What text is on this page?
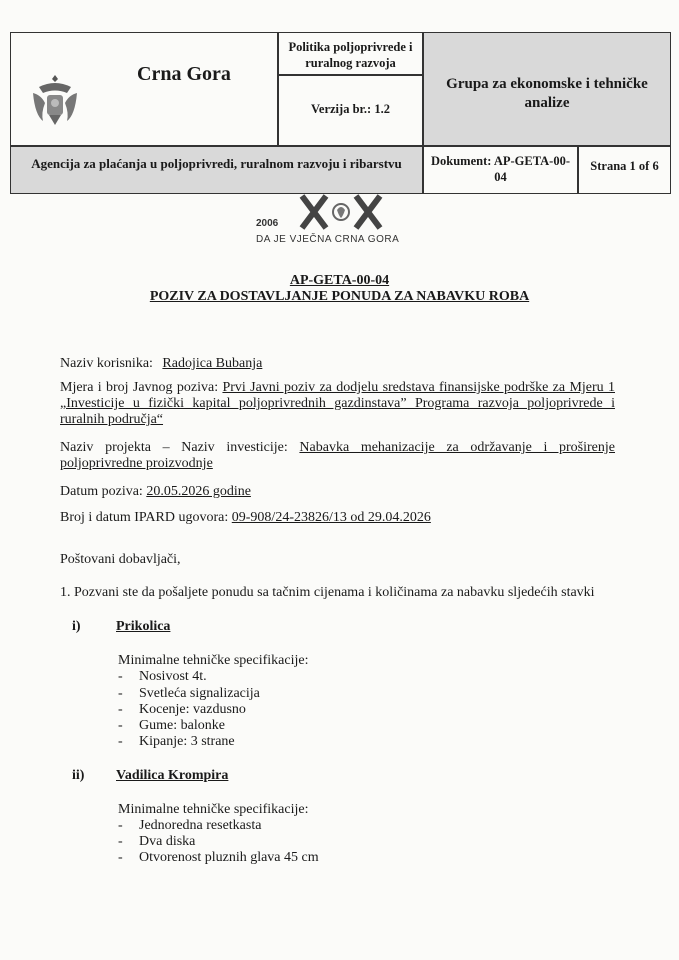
Crna Gora
Politika poljoprivrede i ruralnog razvoja
Verzija br.: 1.2
Grupa za ekonomske i tehničke analize
Agencija za plaćanja u poljoprivredi, ruralnom razvoju i ribarstvu	Dokument: AP-GETA-00-04
Strana 1 of 6
2006
DA JE VJEČNA CRNA GORA
AP-GETA-00-04
POZIV ZA DOSTAVLJANJE PONUDA ZA NABAVKU ROBA
Naziv korisnika: Radojica Bubanja
Mjera i broj Javnog poziva: Prvi Javni poziv za dodjelu sredstava finansijske podrške za Mjeru 1 „Investicije u fizički kapital poljoprivrednih gazdinstava” Programa razvoja poljoprivrede i ruralnih područja“
Naziv projekta – Naziv investicije: Nabavka mehanizacije za održavanje i proširenje poljoprivredne proizvodnje
Datum poziva: 20.05.2026 godine
Broj i datum IPARD ugovora: 09-908/24-23826/13 od 29.04.2026
Poštovani dobavljači,
1. Pozvani ste da pošaljete ponudu sa tačnim cijenama i količinama za nabavku sljedećih stavki
i)	Prikolica
Minimalne tehničke specifikacije:
- Nosivost 4t.
- Svetleća signalizacija
- Kocenje: vazdusno
- Gume: balonke
- Kipanje: 3 strane
ii) Vadilica Krompira
Minimalne tehničke specifikacije:
- Jednoredna resetkasta
- Dva diska
- Otvorenost pluznih glava 45 cm
